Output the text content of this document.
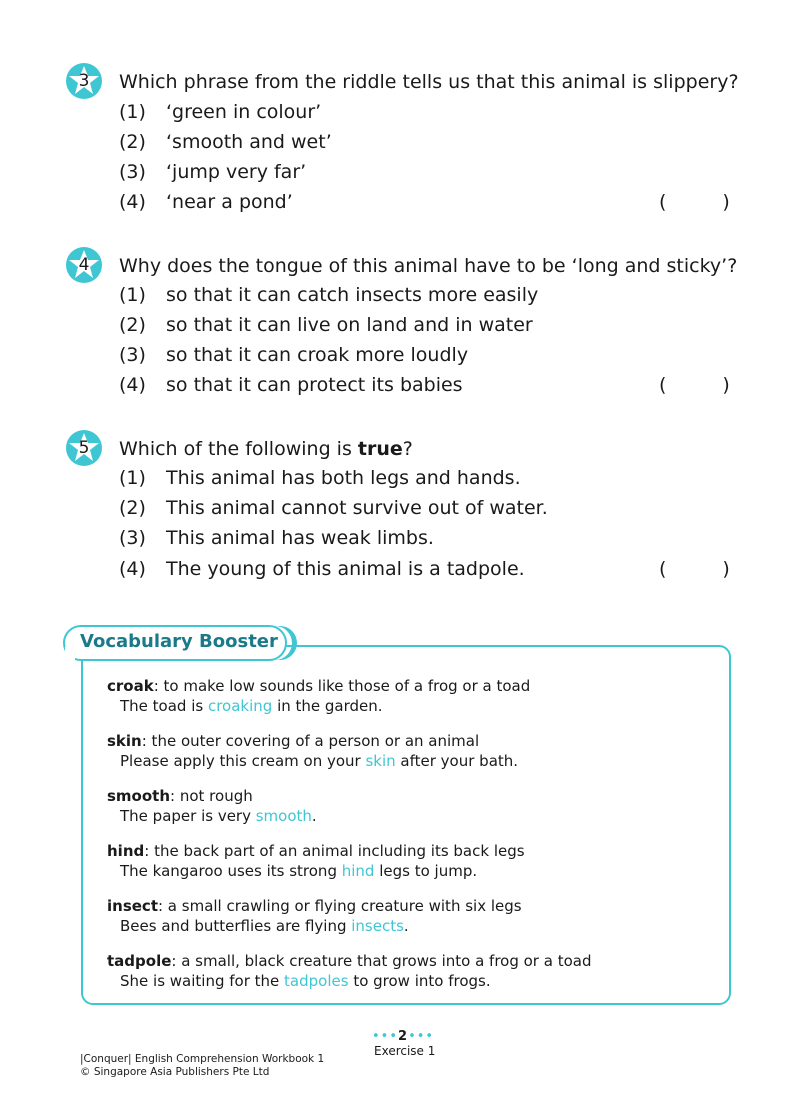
3	Which phrase from the riddle tells us that this animal is slippery?
(1) ‘green in colour’
(2) ‘smooth and wet’
(3) ‘jump very far’
(4) ‘near a pond’	(	)
4	Why does the tongue of this animal have to be ‘long and sticky’?
(1) so that it can catch insects more easily
(2) so that it can live on land and in water
(3) so that it can croak more loudly
(4) so that it can protect its babies	(	)
5	Which of the following is true?
(1) This animal has both legs and hands.
(2) This animal cannot survive out of water.
(3) This animal has weak limbs.
(4) The young of this animal is a tadpole.	(	)
Vocabulary Booster
croak: to make low sounds like those of a frog or a toad
The toad is croaking in the garden.
skin: the outer covering of a person or an animal
Please apply this cream on your skin after your bath.
smooth: not rough
The paper is very smooth.
hind: the back part of an animal including its back legs
The kangaroo uses its strong hind legs to jump.
insect: a small crawling or flying creature with six legs
Bees and butterflies are flying insects.
tadpole: a small, black creature that grows into a frog or a toad
She is waiting for the tadpoles to grow into frogs.
•••2•••
Exercise 1
|Conquer| English Comprehension Workbook 1
© Singapore Asia Publishers Pte Ltd
